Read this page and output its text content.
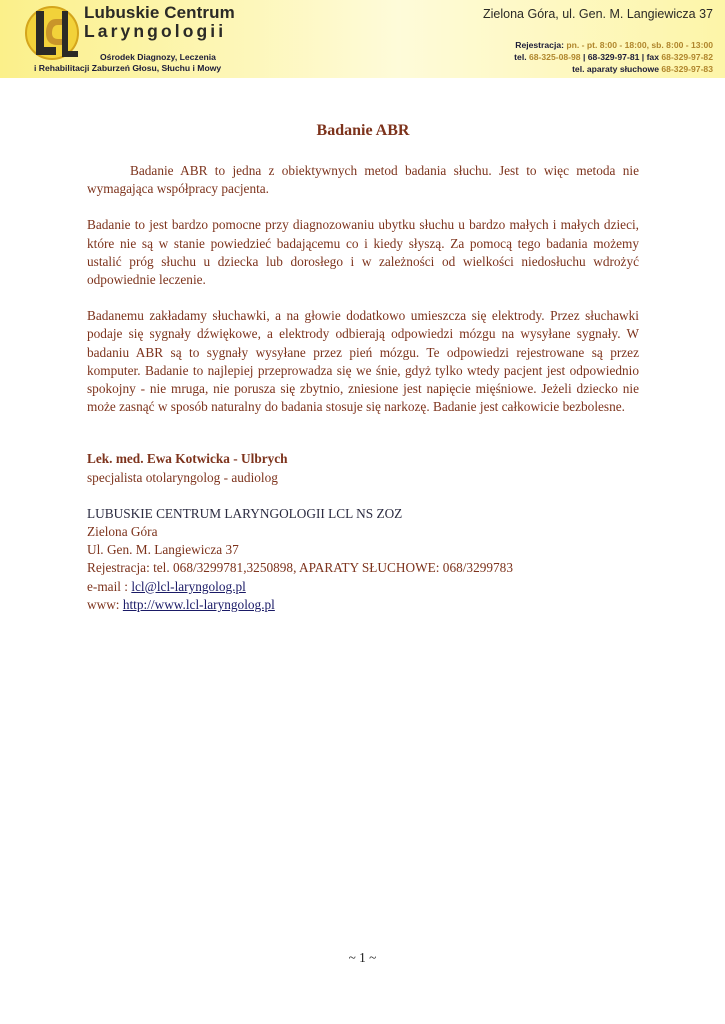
Lubuskie Centrum
Laryngologii
Ośrodek Diagnozy, Leczenia
i Rehabilitacji Zaburzeń Głosu, Słuchu i Mowy
Zielona Góra, ul. Gen. M. Langiewicza 37
Rejestracja: pn. - pt. 8:00 - 18:00, sb. 8:00 - 13:00
tel. 68-325-08-98 | 68-329-97-81 | fax 68-329-97-82
tel. aparaty słuchowe 68-329-97-83
Badanie ABR

Badanie ABR to jedna z obiektywnych metod badania słuchu. Jest to więc metoda nie wymagająca współpracy pacjenta.

Badanie to jest bardzo pomocne przy diagnozowaniu ubytku słuchu u bardzo małych i małych dzieci, które nie są w stanie powiedzieć badającemu co i kiedy słyszą. Za pomocą tego badania możemy ustalić próg słuchu u dziecka lub dorosłego i w zależności od wielkości niedosłuchu wdrożyć odpowiednie leczenie.

Badanemu zakładamy słuchawki, a na głowie dodatkowo umieszcza się elektrody. Przez słuchawki podaje się sygnały dźwiękowe, a elektrody odbierają odpowiedzi mózgu na wysyłane sygnały. W badaniu ABR są to sygnały wysyłane przez pień mózgu. Te odpowiedzi rejestrowane są przez komputer. Badanie to najlepiej przeprowadza się we śnie, gdyż tylko wtedy pacjent jest odpowiednio spokojny - nie mruga, nie porusza się zbytnio, zniesione jest napięcie mięśniowe. Jeżeli dziecko nie może zasnąć w sposób naturalny do badania stosuje się narkozę. Badanie jest całkowicie bezbolesne.

Lek. med. Ewa Kotwicka - Ulbrych
specjalista otolaryngolog - audiolog
LUBUSKIE CENTRUM LARYNGOLOGII LCL NS ZOZ
Zielona Góra
Ul. Gen. M. Langiewicza 37
Rejestracja: tel. 068/3299781,3250898, APARATY SŁUCHOWE: 068/3299783
e-mail : lcl@lcl-laryngolog.pl
www: http://www.lcl-laryngolog.pl
~ 1 ~
